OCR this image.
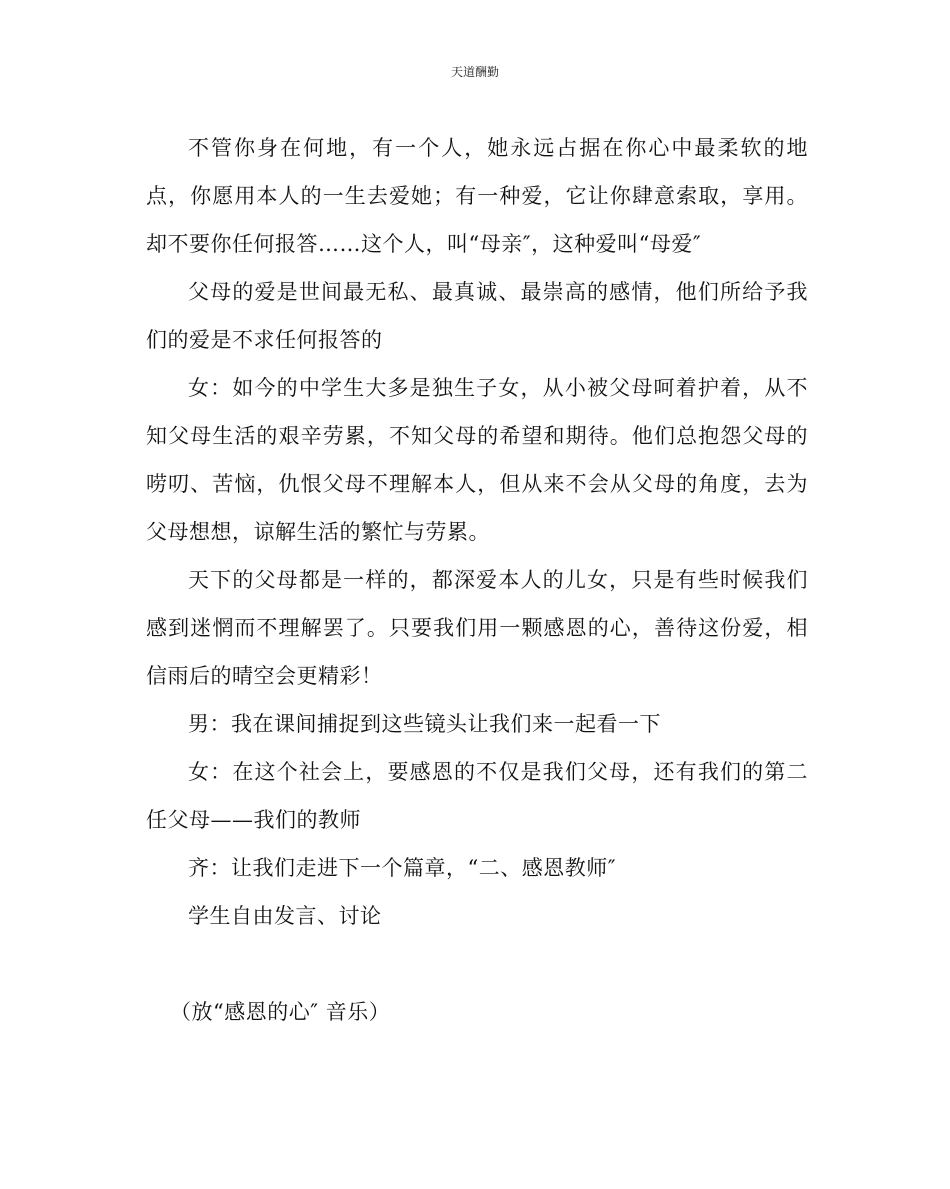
天道酬勤

不管你身在何地，有一个人，她永远占据在你心中最柔软的地点，你愿用本人的一生去爱她；有一种爱，它让你肆意索取，享用。却不要你任何报答……这个人，叫“母亲″，这种爱叫“母爱″

父母的爱是世间最无私、最真诚、最崇高的感情，他们所给予我们的爱是不求任何报答的

女：如今的中学生大多是独生子女，从小被父母呵着护着，从不知父母生活的艰辛劳累，不知父母的希望和期待。他们总抱怨父母的唠叨、苦恼，仇恨父母不理解本人，但从来不会从父母的角度，去为父母想想，谅解生活的繁忙与劳累。

天下的父母都是一样的，都深爱本人的儿女，只是有些时候我们感到迷惘而不理解罢了。只要我们用一颗感恩的心，善待这份爱，相信雨后的晴空会更精彩！

男：我在课间捕捉到这些镜头让我们来一起看一下

女：在这个社会上，要感恩的不仅是我们父母，还有我们的第二任父母——我们的教师

齐：让我们走进下一个篇章，“二、感恩教师″

学生自由发言、讨论

（放“感恩的心″ 音乐）
